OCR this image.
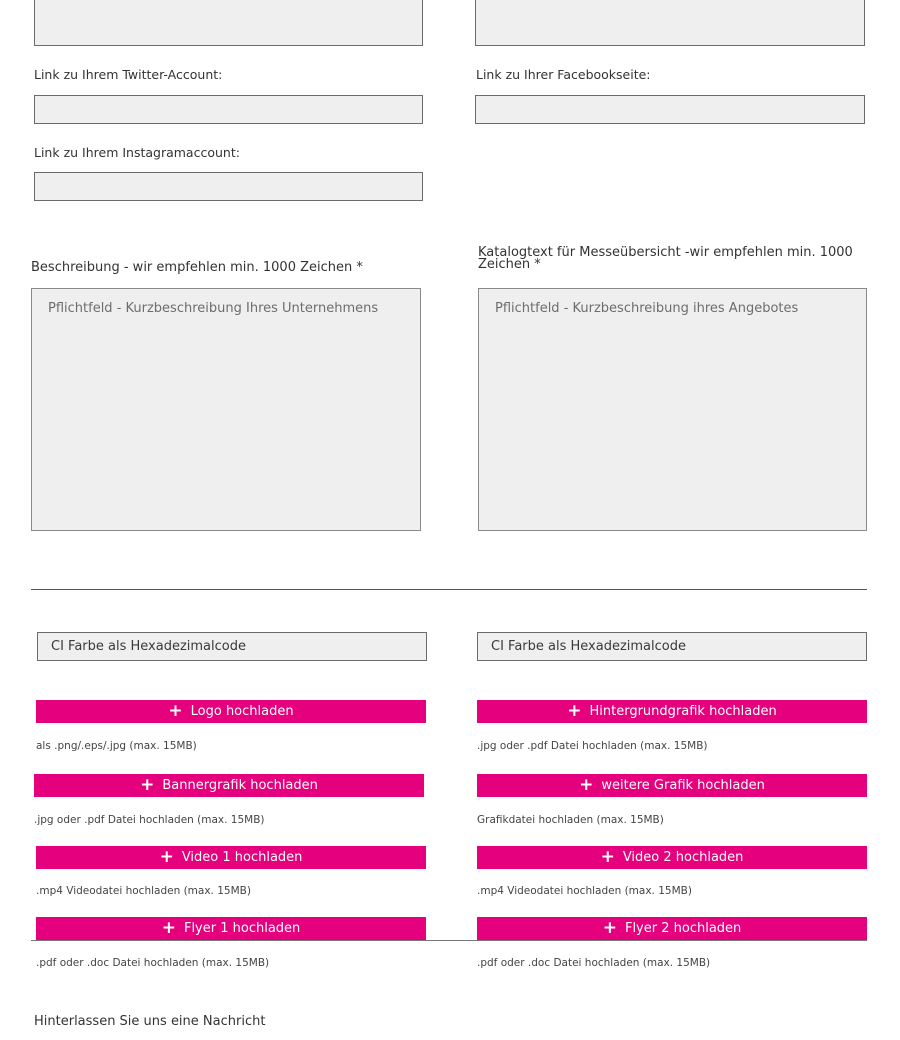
Link zu Ihrem Twitter-Account:	Link zu Ihrer Facebookseite:
Link zu Ihrem Instagramaccount:
Beschreibung - wir empfehlen min. 1000 Zeichen *
Pflichtfeld - Kurzbeschreibung Ihres Unternehmens
Katalogtext für Messeübersicht -wir empfehlen min. 1000 Zeichen *
Pflichtfeld - Kurzbeschreibung ihres Angebotes
CI Farbe als Hexadezimalcode	CI Farbe als Hexadezimalcode
+ Logo hochladen
als .png/.eps/.jpg (max. 15MB)
+ Hintergrundgrafik hochladen
.jpg oder .pdf Datei hochladen (max. 15MB)
+ Bannergrafik hochladen
.jpg oder .pdf Datei hochladen (max. 15MB)
+ weitere Grafik hochladen
Grafikdatei hochladen (max. 15MB)
+ Video 1 hochladen
.mp4 Videodatei hochladen (max. 15MB)
+ Video 2 hochladen
.mp4 Videodatei hochladen (max. 15MB)
+ Flyer 1 hochladen
.pdf oder .doc Datei hochladen (max. 15MB)
+ Flyer 2 hochladen
.pdf oder .doc Datei hochladen (max. 15MB)
Hinterlassen Sie uns eine Nachricht
